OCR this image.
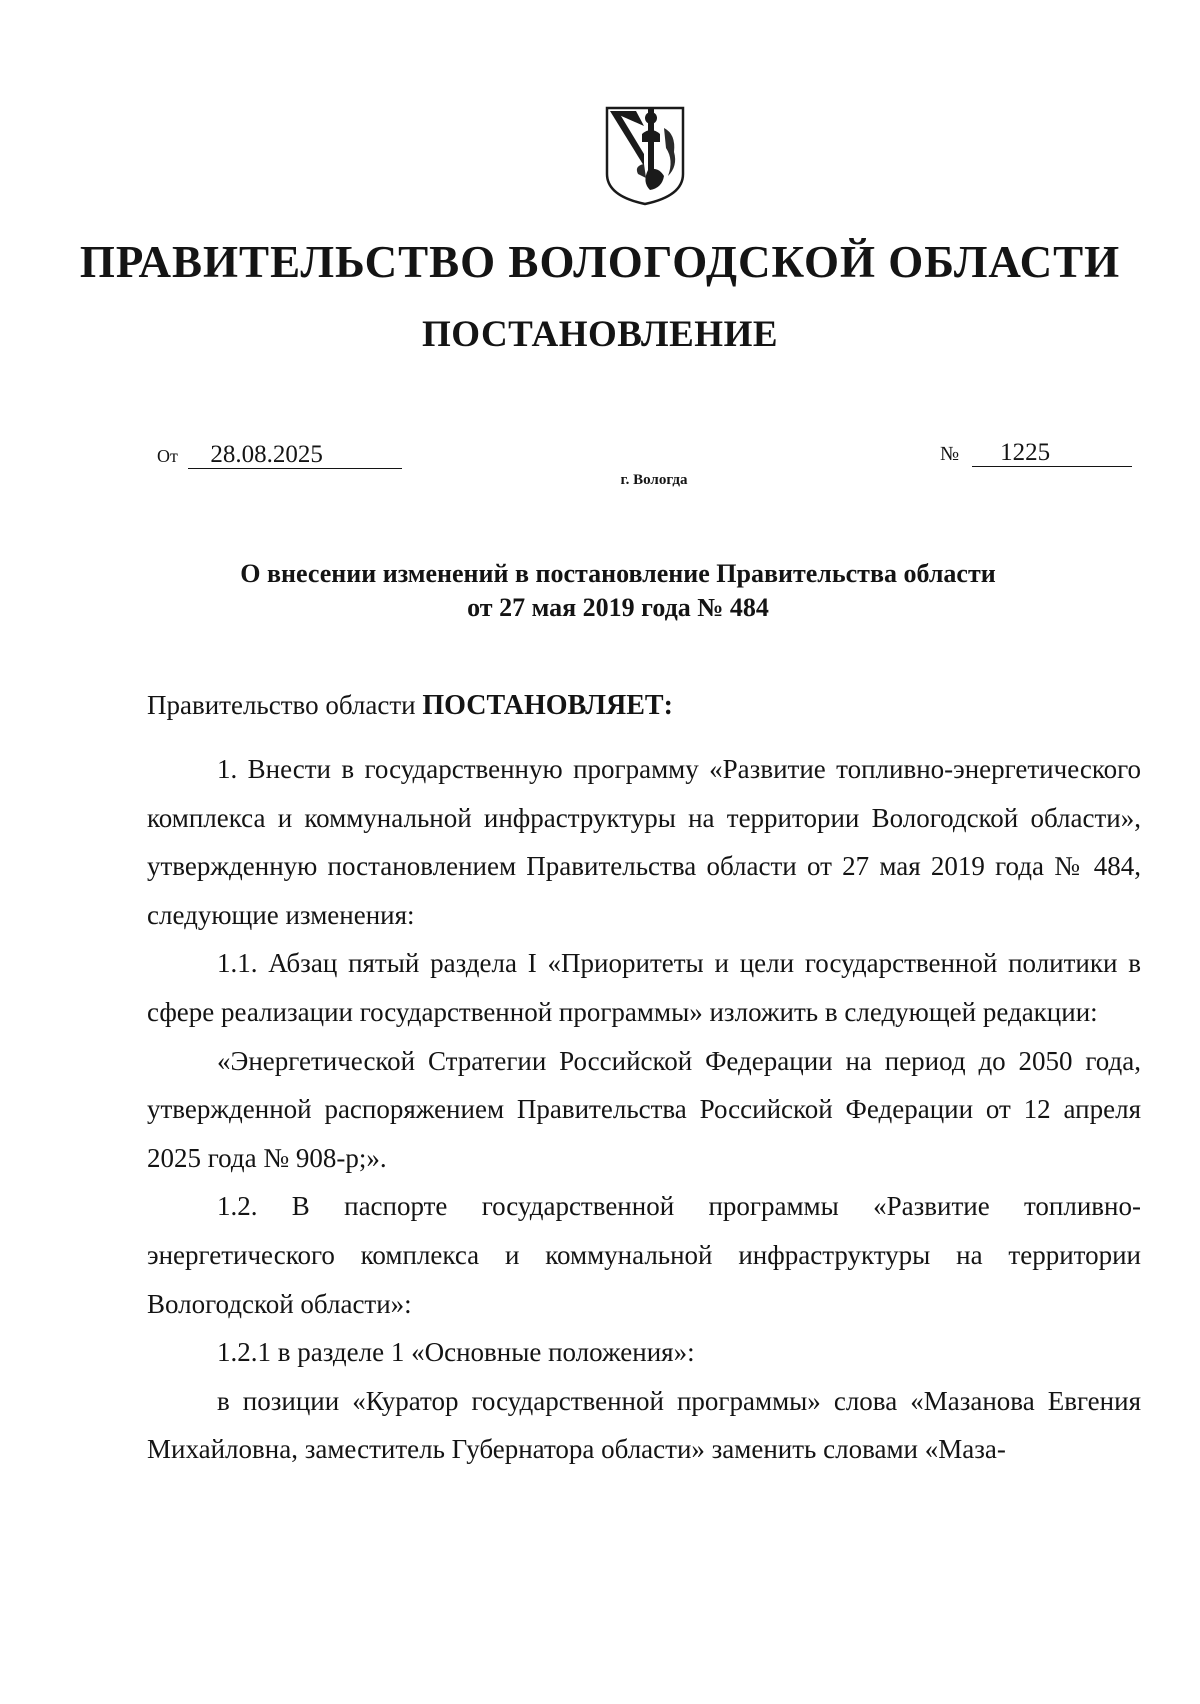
ПРАВИТЕЛЬСТВО ВОЛОГОДСКОЙ ОБЛАСТИ
ПОСТАНОВЛЕНИЕ
От 28.08.2025	№ 1225
г. Вологда
О внесении изменений в постановление Правительства области
от 27 мая 2019 года № 484
Правительство области ПОСТАНОВЛЯЕТ:

1. Внести в государственную программу «Развитие топливно-энергетического комплекса и коммунальной инфраструктуры на территории Вологодской области», утвержденную постановлением Правительства области от 27 мая 2019 года № 484, следующие изменения:

1.1. Абзац пятый раздела I «Приоритеты и цели государственной политики в сфере реализации государственной программы» изложить в следующей редакции:

«Энергетической Стратегии Российской Федерации на период до 2050 года, утвержденной распоряжением Правительства Российской Федерации от 12 апреля 2025 года № 908-р;».

1.2. В паспорте государственной программы «Развитие топливно-энергетического комплекса и коммунальной инфраструктуры на территории Вологодской области»:

1.2.1 в разделе 1 «Основные положения»:

в позиции «Куратор государственной программы» слова «Мазанова Евгения Михайловна, заместитель Губернатора области» заменить словами «Маза-
